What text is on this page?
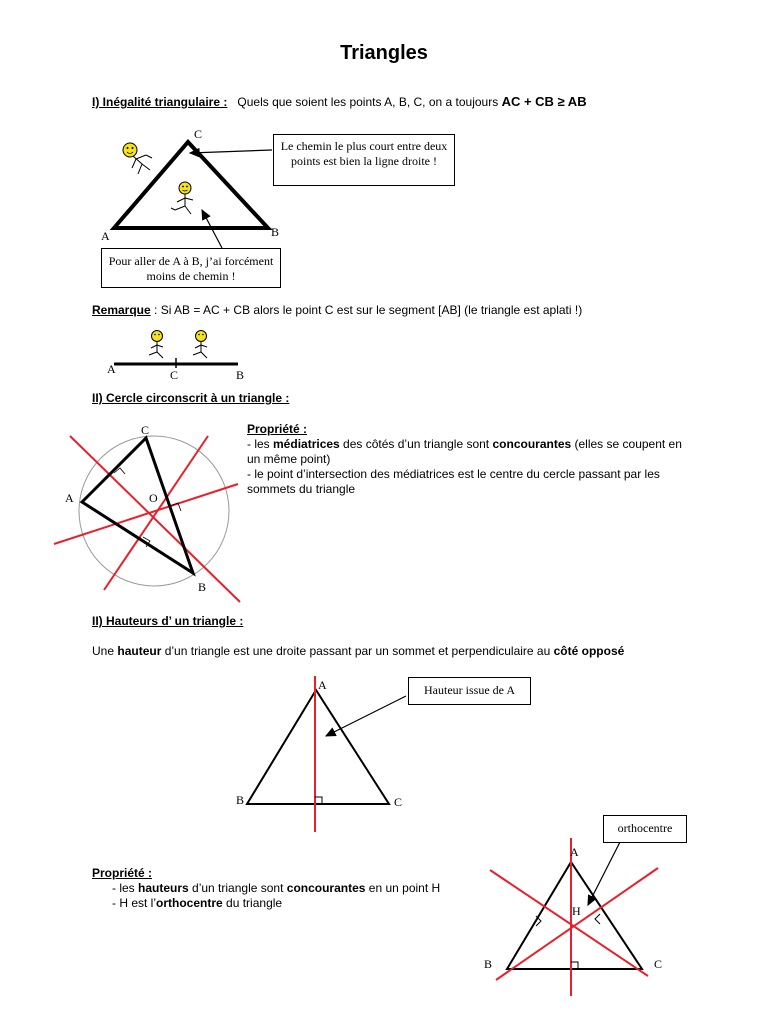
Triangles
I) Inégalité triangulaire : Quels que soient les points A, B, C, on a toujours AC + CB ≥ AB
Le chemin le plus court entre deux points est bien la ligne droite !
Pour aller de A à B, j’ai forcément moins de chemin !
C
A	B
Remarque : Si AB = AC + CB alors le point C est sur le segment [AB] (le triangle est aplati !)
A	C	B
II) Cercle circonscrit à un triangle :
C
A	O
B
Propriété :
- les médiatrices des côtés d’un triangle sont concourantes (elles se coupent en un même point)
- le point d’intersection des médiatrices est le centre du cercle passant par les sommets du triangle
II) Hauteurs d’ un triangle :
Une hauteur d’un triangle est une droite passant par un sommet et perpendiculaire au côté opposé
Hauteur issue de A
A
B	C
Propriété :
- les hauteurs d’un triangle sont concourantes en un point H
- H est l’orthocentre du triangle
orthocentre
A
H
B	C
